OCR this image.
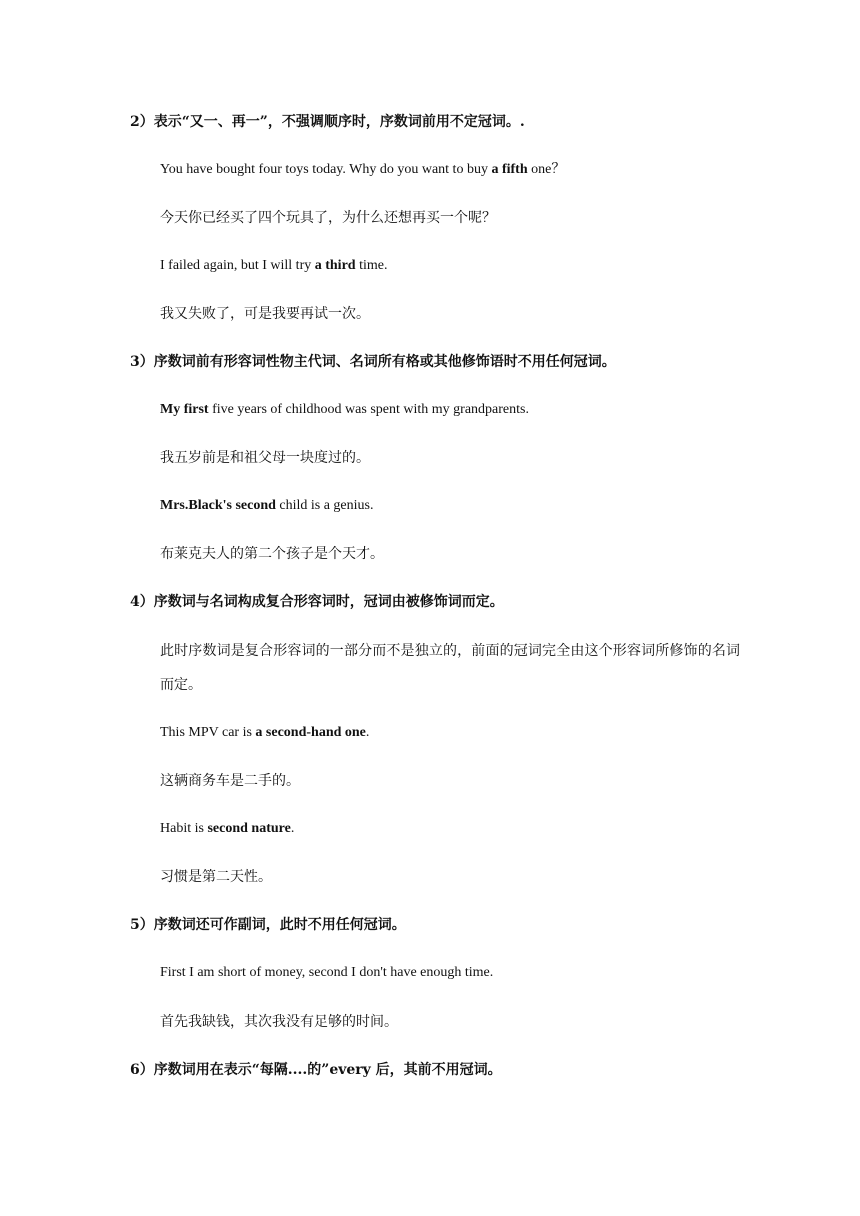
2）表示“又一、再一”，不强调顺序时，序数词前用不定冠词。.
You have bought four toys today. Why do you want to buy a fifth one？
今天你已经买了四个玩具了，为什么还想再买一个呢？
I failed again, but I will try a third time.
我又失败了，可是我要再试一次。
3）序数词前有形容词性物主代词、名词所有格或其他修饰语时不用任何冠词。
My first five years of childhood was spent with my grandparents.
我五岁前是和祖父母一块度过的。
Mrs.Black's second child is a genius.
布莱克夫人的第二个孩子是个天才。
4）序数词与名词构成复合形容词时，冠词由被修饰词而定。
此时序数词是复合形容词的一部分而不是独立的，前面的冠词完全由这个形容词所修饰的名词而定。
This MPV car is a second-hand one.
这辆商务车是二手的。
Habit is second nature.
习惯是第二天性。
5）序数词还可作副词，此时不用任何冠词。
First I am short of money, second I don't have enough time.
首先我缺钱，其次我没有足够的时间。
6）序数词用在表示“每隔....的”every 后，其前不用冠词。
